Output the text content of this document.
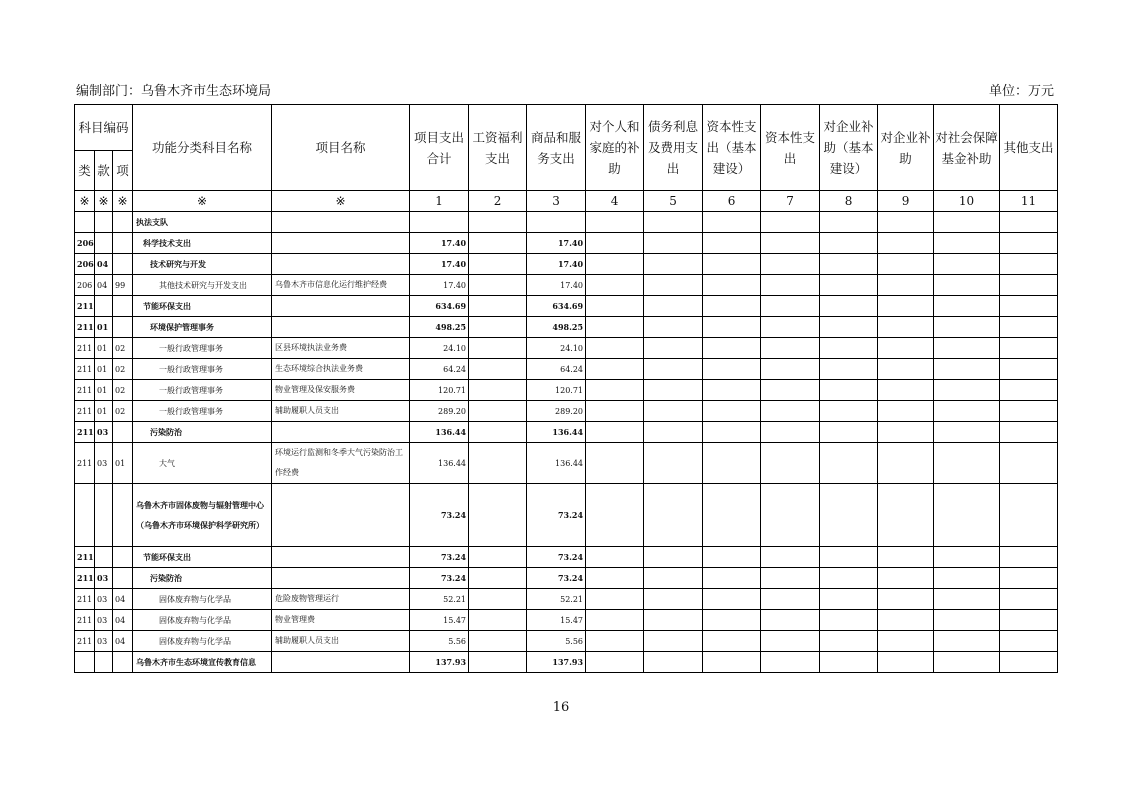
编制部门：乌鲁木齐市生态环境局	单位：万元
科目编码			功能分类科目名称	项目名称	项目支出合计	工资福利支出	商品和服务支出	对个人和家庭的补助	债务利息及费用支出	资本性支出（基本建设）	资本性支出	对企业补助（基本建设）	对企业补助	对社会保障基金补助	其他支出
类	款	项													
※	※	※	※	※	1	2	3	4	5	6	7	8	9	10	11
			执法支队												
206			科学技术支出		17.40		17.40								
206	04		技术研究与开发		17.40		17.40								
206	04	99	其他技术研究与开发支出	乌鲁木齐市信息化运行维护经费	17.40		17.40								
211			节能环保支出		634.69		634.69								
211	01		环境保护管理事务		498.25		498.25								
211	01	02	一般行政管理事务	区县环境执法业务费	24.10		24.10								
211	01	02	一般行政管理事务	生态环境综合执法业务费	64.24		64.24								
211	01	02	一般行政管理事务	物业管理及保安服务费	120.71		120.71								
211	01	02	一般行政管理事务	辅助履职人员支出	289.20		289.20								
211	03		污染防治		136.44		136.44								
211	03	01	大气	环境运行监测和冬季大气污染防治工作经费	136.44		136.44								
			乌鲁木齐市固体废物与辐射管理中心（乌鲁木齐市环境保护科学研究所）		73.24		73.24								
211			节能环保支出		73.24		73.24								
211	03		污染防治		73.24		73.24								
211	03	04	固体废弃物与化学品	危险废物管理运行	52.21		52.21								
211	03	04	固体废弃物与化学品	物业管理费	15.47		15.47								
211	03	04	固体废弃物与化学品	辅助履职人员支出	5.56		5.56								
			乌鲁木齐市生态环境宣传教育信息		137.93		137.93								
16
